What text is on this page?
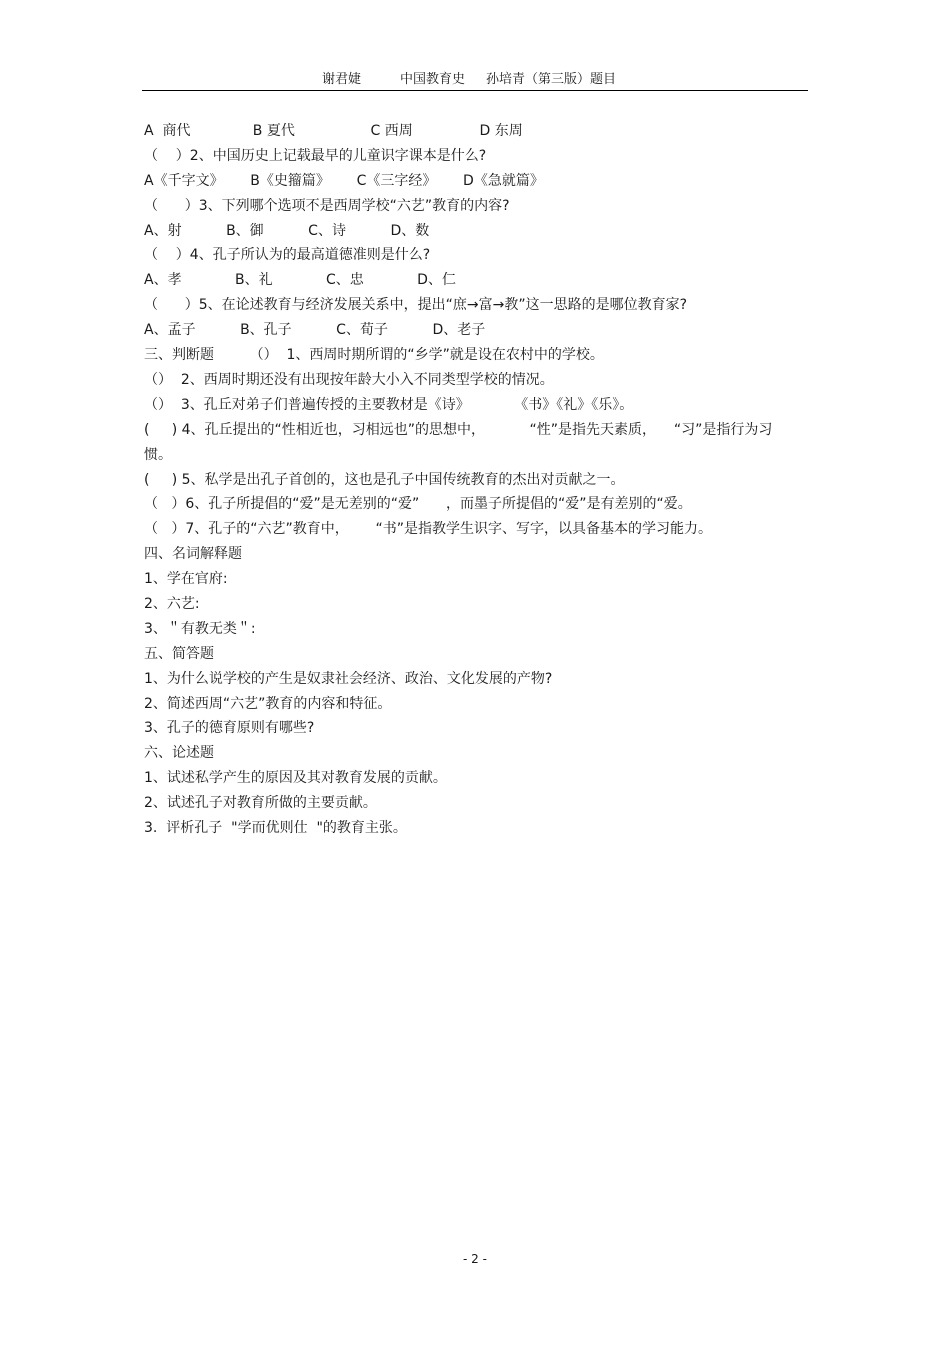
谢君婕	中国教育史 孙培青（第三版）题目
A  商代              B 夏代                 C 西周               D 东周
（    ）2、中国历史上记载最早的儿童识字课本是什么?
A《千字文》      B《史籀篇》      C《三字经》      D《急就篇》
（      ）3、下列哪个选项不是西周学校“六艺”教育的内容?
A、射          B、御          C、诗          D、数
（    ）4、孔子所认为的最高道德准则是什么?
A、孝            B、礼            C、忠            D、仁
（      ）5、在论述教育与经济发展关系中，提出“庶→富→教”这一思路的是哪位教育家?
A、孟子          B、孔子          C、荀子          D、老子
三、判断题        （）  1、西周时期所谓的“乡学”就是设在农村中的学校。
（）  2、西周时期还没有出现按年龄大小入不同类型学校的情况。
（）  3、孔丘对弟子们普遍传授的主要教材是《诗》          《书》《礼》《乐》。
(     ) 4、孔丘提出的“性相近也，习相远也”的思想中，          “性”是指先天素质，    “习”是指行为习惯。
(     ) 5、私学是出孔子首创的，这也是孔子中国传统教育的杰出对贡献之一。
（   ）6、孔子所提倡的“爱”是无差别的“爱”      ，而墨子所提倡的“爱”是有差别的“爱。
（   ）7、孔子的“六艺”教育中，      “书”是指教学生识字、写字，以具备基本的学习能力。
四、名词解释题
1、学在官府:
2、六艺:
3、＂有教无类＂:
五、简答题
1、为什么说学校的产生是奴隶社会经济、政治、文化发展的产物?
2、简述西周“六艺”教育的内容和特征。
3、孔子的德育原则有哪些?
六、论述题
1、试述私学产生的原因及其对教育发展的贡献。
2、试述孔子对教育所做的主要贡献。
3.  评析孔子  "学而优则仕  "的教育主张。
- 2 -
